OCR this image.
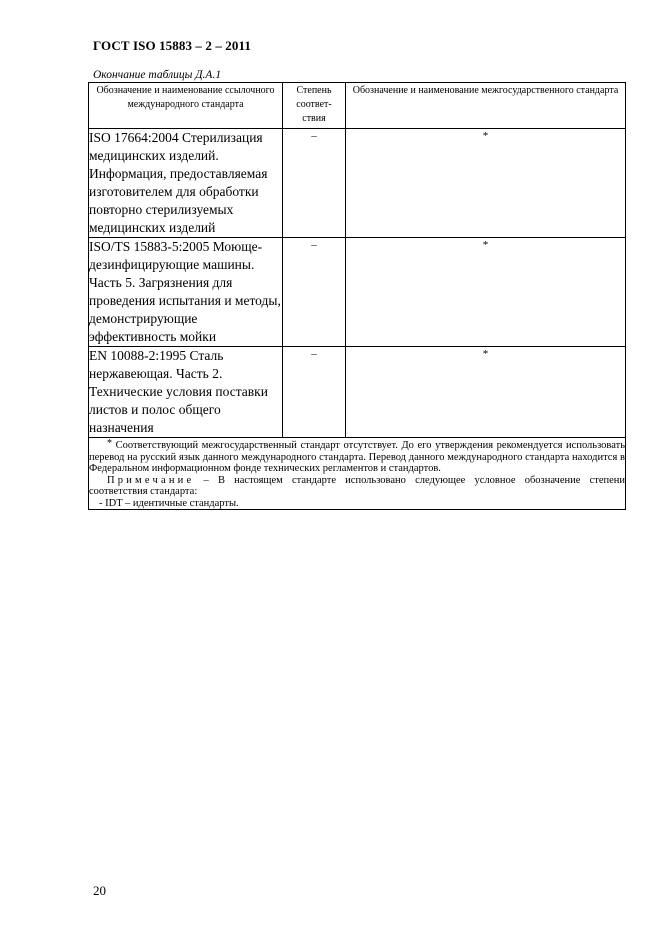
ГОСТ ISO 15883 – 2 – 2011
Окончание таблицы Д.А.1
Обозначение и наименование ссылочного международного стандарта	Степень соответ-ствия	Обозначение и наименование межгосударственного стандарта
ISO 17664:2004 Стерилизация медицинских изделий. Информация, предоставляемая изготовителем для обработки повторно стерилизуемых медицинских изделий	–	*
ISO/TS 15883-5:2005 Моюще-дезинфицирующие машины. Часть 5. Загрязнения для проведения испытания и методы, демонстрирующие эффективность мойки	–	*
EN 10088-2:1995 Сталь нержавеющая. Часть 2. Технические условия поставки листов и полос общего назначения	–	*

* Соответствующий межгосударственный стандарт отсутствует. До его утверждения рекомендуется использовать перевод на русский язык данного международного стандарта. Перевод данного международного стандарта находится в Федеральном информационном фонде технических регламентов и стандартов.
Примечание – В настоящем стандарте использовано следующее условное обозначение степени соответствия стандарта:
- IDT – идентичные стандарты.		
20
